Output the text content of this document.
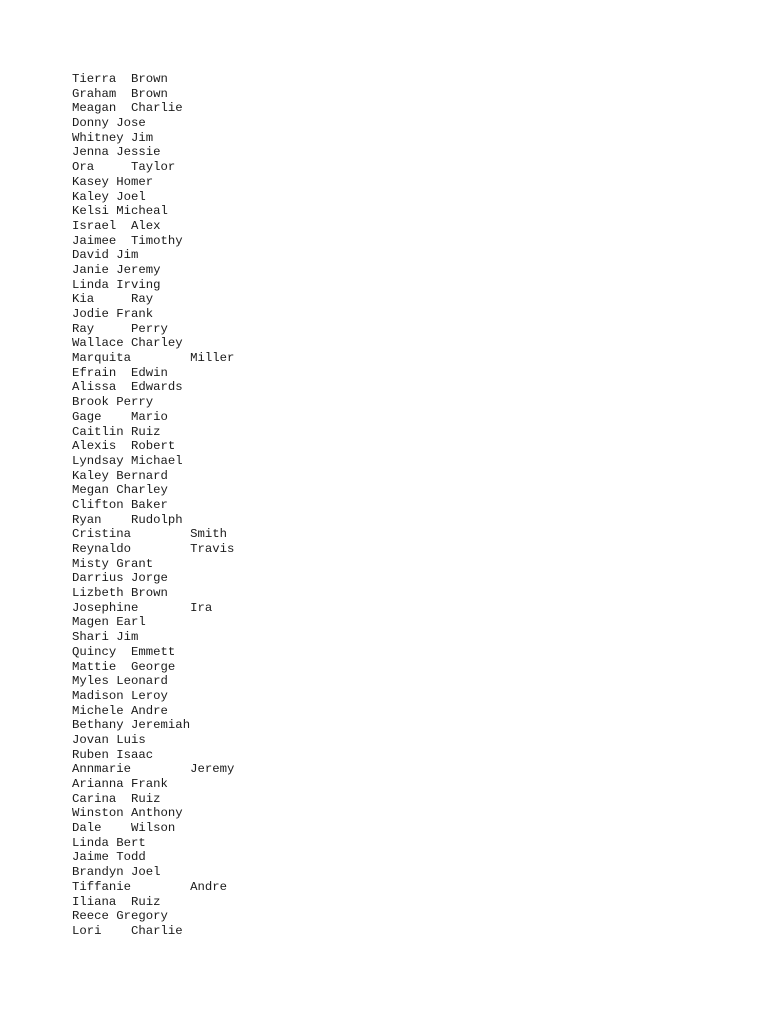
Tierra  Brown
Graham  Brown
Meagan  Charlie
Donny Jose
Whitney Jim
Jenna Jessie
Ora     Taylor
Kasey Homer
Kaley Joel
Kelsi Micheal
Israel  Alex
Jaimee  Timothy
David Jim
Janie Jeremy
Linda Irving
Kia     Ray
Jodie Frank
Ray     Perry
Wallace Charley
Marquita        Miller
Efrain  Edwin
Alissa  Edwards
Brook Perry
Gage    Mario
Caitlin Ruiz
Alexis  Robert
Lyndsay Michael
Kaley Bernard
Megan Charley
Clifton Baker
Ryan    Rudolph
Cristina        Smith
Reynaldo        Travis
Misty Grant
Darrius Jorge
Lizbeth Brown
Josephine       Ira
Magen Earl
Shari Jim
Quincy  Emmett
Mattie  George
Myles Leonard
Madison Leroy
Michele Andre
Bethany Jeremiah
Jovan Luis
Ruben Isaac
Annmarie        Jeremy
Arianna Frank
Carina  Ruiz
Winston Anthony
Dale    Wilson
Linda Bert
Jaime Todd
Brandyn Joel
Tiffanie        Andre
Iliana  Ruiz
Reece Gregory
Lori    Charlie
